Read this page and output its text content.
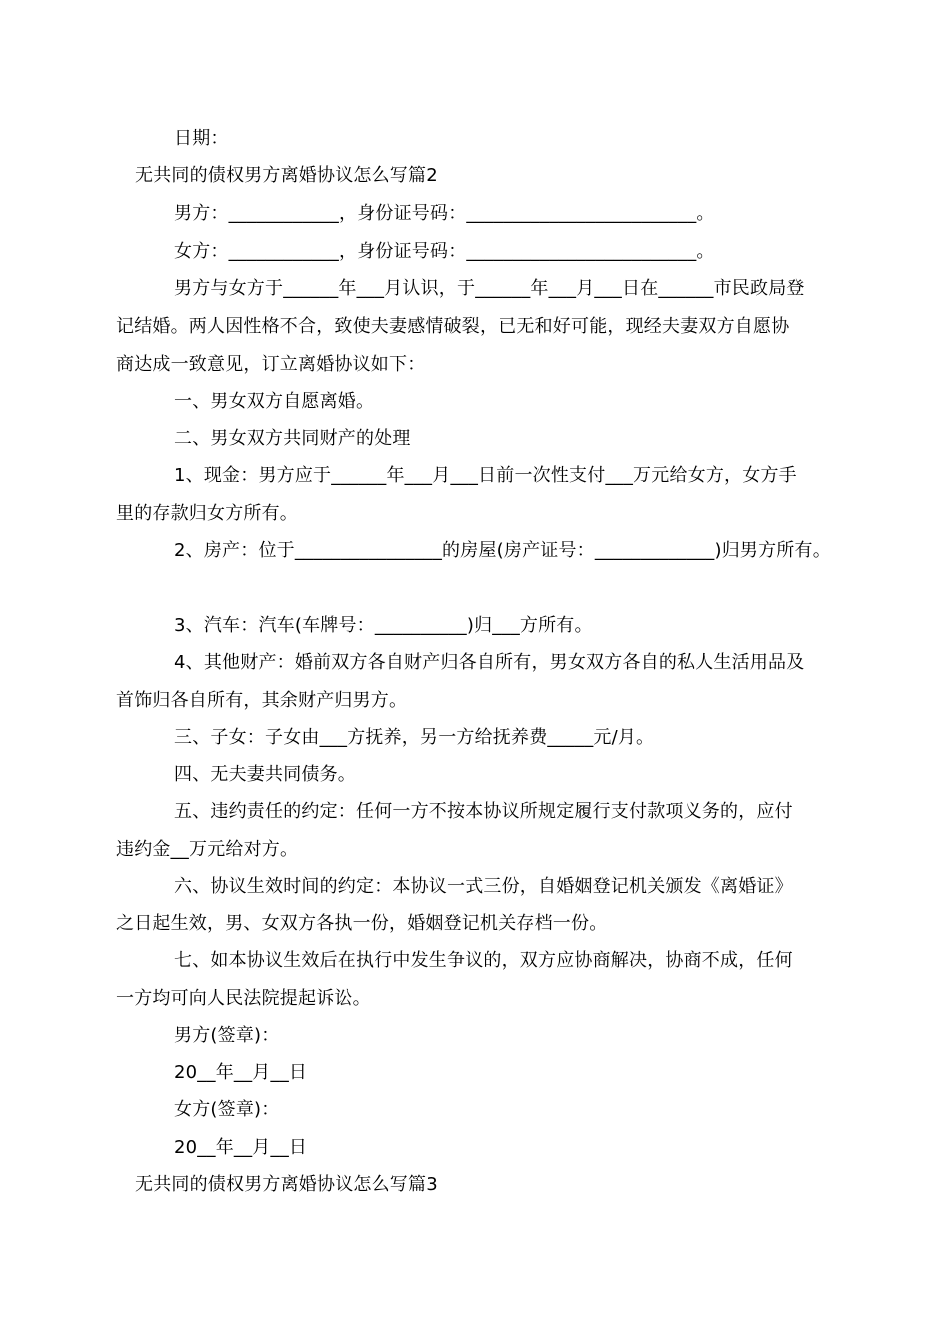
日期：
无共同的债权男方离婚协议怎么写篇2
男方：____________，身份证号码：_________________________。
女方：____________，身份证号码：_________________________。
男方与女方于______年___月认识，于______年___月___日在______市民政局登
记结婚。两人因性格不合，致使夫妻感情破裂，已无和好可能，现经夫妻双方自愿协
商达成一致意见，订立离婚协议如下：
一、男女双方自愿离婚。
二、男女双方共同财产的处理
1、现金：男方应于______年___月___日前一次性支付___万元给女方，女方手
里的存款归女方所有。
2、房产：位于________________的房屋(房产证号：_____________)归男方所有。
3、汽车：汽车(车牌号：__________)归___方所有。
4、其他财产：婚前双方各自财产归各自所有，男女双方各自的私人生活用品及
首饰归各自所有，其余财产归男方。
三、子女：子女由___方抚养，另一方给抚养费_____元/月。
四、无夫妻共同债务。
五、违约责任的约定：任何一方不按本协议所规定履行支付款项义务的，应付
违约金__万元给对方。
六、协议生效时间的约定：本协议一式三份，自婚姻登记机关颁发《离婚证》
之日起生效，男、女双方各执一份，婚姻登记机关存档一份。
七、如本协议生效后在执行中发生争议的，双方应协商解决，协商不成，任何
一方均可向人民法院提起诉讼。
男方(签章)：
20__年__月__日
女方(签章)：
20__年__月__日
无共同的债权男方离婚协议怎么写篇3
